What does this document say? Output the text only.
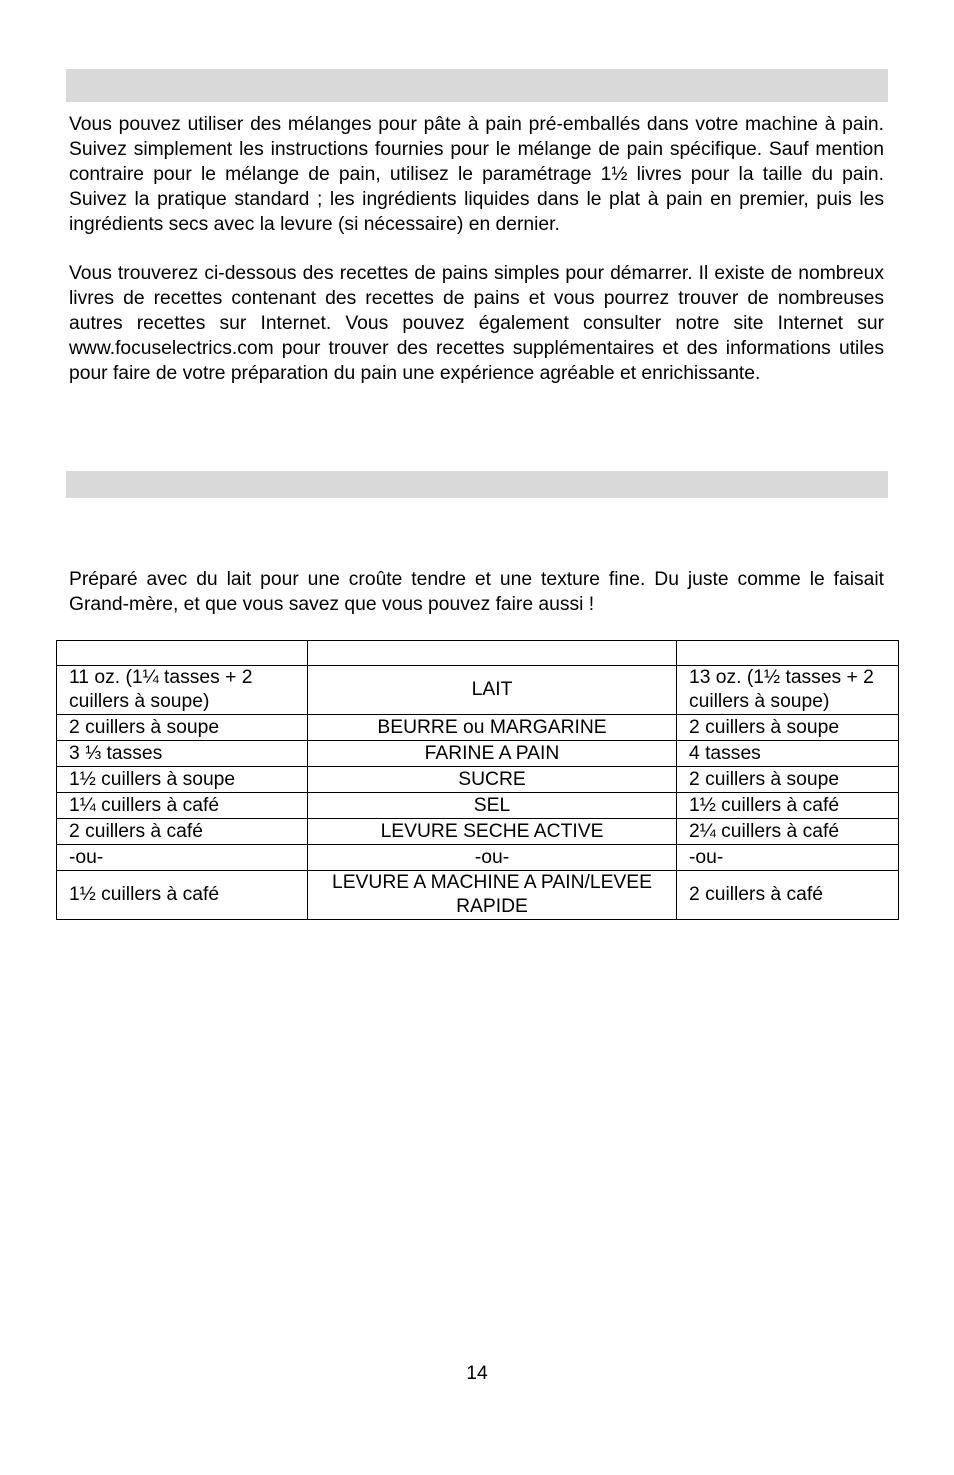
Vous pouvez utiliser des mélanges pour pâte à pain pré-emballés dans votre machine à pain. Suivez simplement les instructions fournies pour le mélange de pain spécifique. Sauf mention contraire pour le mélange de pain, utilisez le paramétrage 1½ livres pour la taille du pain. Suivez la pratique standard ; les ingrédients liquides dans le plat à pain en premier, puis les ingrédients secs avec la levure (si nécessaire) en dernier.

Vous trouverez ci-dessous des recettes de pains simples pour démarrer. Il existe de nombreux livres de recettes contenant des recettes de pains et vous pourrez trouver de nombreuses autres recettes sur Internet. Vous pouvez également consulter notre site Internet sur www.focuselectrics.com pour trouver des recettes supplémentaires et des informations utiles pour faire de votre préparation du pain une expérience agréable et enrichissante.

Préparé avec du lait pour une croûte tendre et une texture fine. Du juste comme le faisait Grand-mère, et que vous savez que vous pouvez faire aussi !

11 oz. (1¼ tasses + 2 cuillers à soupe)	LAIT	13 oz. (1½ tasses + 2 cuillers à soupe)
2 cuillers à soupe	BEURRE ou MARGARINE	2 cuillers à soupe
3 ⅓ tasses	FARINE A PAIN	4 tasses
1½ cuillers à soupe	SUCRE	2 cuillers à soupe
1¼ cuillers à café	SEL	1½ cuillers à café
2 cuillers à café	LEVURE SECHE ACTIVE	2¼ cuillers à café
-ou-	-ou-	-ou-
1½ cuillers à café	LEVURE A MACHINE A PAIN/LEVEE RAPIDE	2 cuillers à café
14
